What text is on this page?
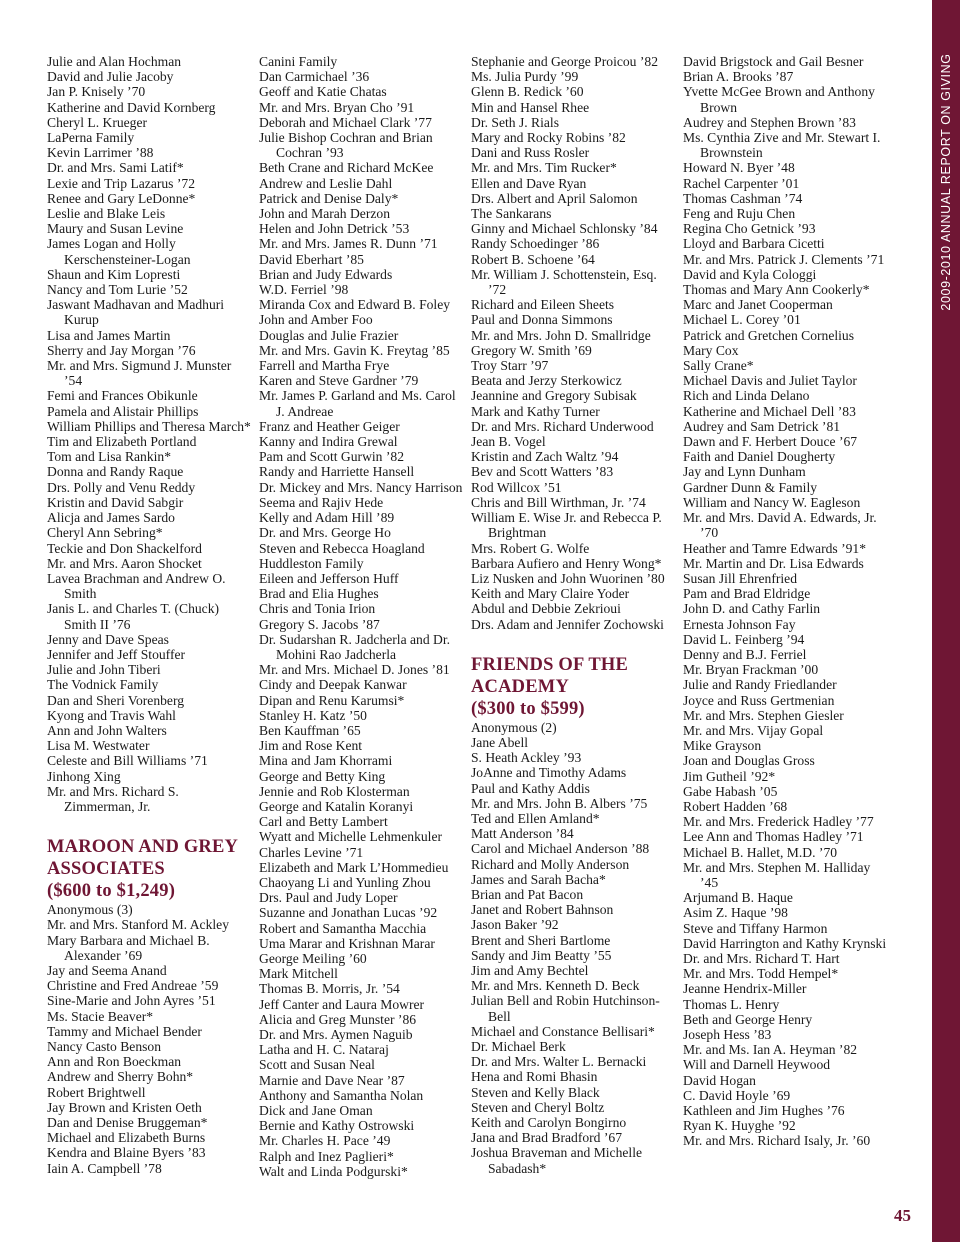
2009-2010 ANNUAL REPORT ON GIVING
Julie and Alan Hochman
David and Julie Jacoby
Jan P. Knisely ’70
Katherine and David Kornberg
Cheryl L. Krueger
LaPerna Family
Kevin Larrimer ’88
Dr. and Mrs. Sami Latif*
Lexie and Trip Lazarus ’72
Renee and Gary LeDonne*
Leslie and Blake Leis
Maury and Susan Levine
James Logan and Holly Kerschensteiner-Logan
Shaun and Kim Lopresti
Nancy and Tom Lurie ’52
Jaswant Madhavan and Madhuri Kurup
Lisa and James Martin
Sherry and Jay Morgan ’76
Mr. and Mrs. Sigmund J. Munster ’54
Femi and Frances Obikunle
Pamela and Alistair Phillips
William Phillips and Theresa March*
Tim and Elizabeth Portland
Tom and Lisa Rankin*
Donna and Randy Raque
Drs. Polly and Venu Reddy
Kristin and David Sabgir
Alicja and James Sardo
Cheryl Ann Sebring*
Teckie and Don Shackelford
Mr. and Mrs. Aaron Shocket
Lavea Brachman and Andrew O. Smith
Janis L. and Charles T. (Chuck) Smith II ’76
Jenny and Dave Speas
Jennifer and Jeff Stouffer
Julie and John Tiberi
The Vodnick Family
Dan and Sheri Vorenberg
Kyong and Travis Wahl
Ann and John Walters
Lisa M. Westwater
Celeste and Bill Williams ’71
Jinhong Xing
Mr. and Mrs. Richard S. Zimmerman, Jr.
MAROON AND GREY
ASSOCIATES
($600 to $1,249)
Anonymous (3)
Mr. and Mrs. Stanford M. Ackley
Mary Barbara and Michael B. Alexander ’69
Jay and Seema Anand
Christine and Fred Andreae ’59
Sine-Marie and John Ayres ’51
Ms. Stacie Beaver*
Tammy and Michael Bender
Nancy Casto Benson
Ann and Ron Boeckman
Andrew and Sherry Bohn*
Robert Brightwell
Jay Brown and Kristen Oeth
Dan and Denise Bruggeman*
Michael and Elizabeth Burns
Kendra and Blaine Byers ’83
Iain A. Campbell ’78
Canini Family
Dan Carmichael ’36
Geoff and Katie Chatas
Mr. and Mrs. Bryan Cho ’91
Deborah and Michael Clark ’77
Julie Bishop Cochran and Brian Cochran ’93
Beth Crane and Richard McKee
Andrew and Leslie Dahl
Patrick and Denise Daly*
John and Marah Derzon
Helen and John Detrick ’53
Mr. and Mrs. James R. Dunn ’71
David Eberhart ’85
Brian and Judy Edwards
W.D. Ferriel ’98
Miranda Cox and Edward B. Foley
John and Amber Foo
Douglas and Julie Frazier
Mr. and Mrs. Gavin K. Freytag ’85
Farrell and Martha Frye
Karen and Steve Gardner ’79
Mr. James P. Garland and Ms. Carol J. Andreae
Franz and Heather Geiger
Kanny and Indira Grewal
Pam and Scott Gurwin ’82
Randy and Harriette Hansell
Dr. Mickey and Mrs. Nancy Harrison
Seema and Rajiv Hede
Kelly and Adam Hill ’89
Dr. and Mrs. George Ho
Steven and Rebecca Hoagland
Huddleston Family
Eileen and Jefferson Huff
Brad and Elia Hughes
Chris and Tonia Irion
Gregory S. Jacobs ’87
Dr. Sudarshan R. Jadcherla and Dr. Mohini Rao Jadcherla
Mr. and Mrs. Michael D. Jones ’81
Cindy and Deepak Kanwar
Dipan and Renu Karumsi*
Stanley H. Katz ’50
Ben Kauffman ’65
Jim and Rose Kent
Mina and Jam Khorrami
George and Betty King
Jennie and Rob Klosterman
George and Katalin Koranyi
Carl and Betty Lambert
Wyatt and Michelle Lehmenkuler
Charles Levine ’71
Elizabeth and Mark L’Hommedieu
Chaoyang Li and Yunling Zhou
Drs. Paul and Judy Loper
Suzanne and Jonathan Lucas ’92
Robert and Samantha Macchia
Uma Marar and Krishnan Marar
George Meiling ’60
Mark Mitchell
Thomas B. Morris, Jr. ’54
Jeff Canter and Laura Mowrer
Alicia and Greg Munster ’86
Dr. and Mrs. Aymen Naguib
Latha and H. C. Nataraj
Scott and Susan Neal
Marnie and Dave Near ’87
Anthony and Samantha Nolan
Dick and Jane Oman
Bernie and Kathy Ostrowski
Mr. Charles H. Pace ’49
Ralph and Inez Paglieri*
Walt and Linda Podgurski*
Stephanie and George Proicou ’82
Ms. Julia Purdy ’99
Glenn B. Redick ’60
Min and Hansel Rhee
Dr. Seth J. Rials
Mary and Rocky Robins ’82
Dani and Russ Rosler
Mr. and Mrs. Tim Rucker*
Ellen and Dave Ryan
Drs. Albert and April Salomon
The Sankarans
Ginny and Michael Schlonsky ’84
Randy Schoedinger ’86
Robert B. Schoene ’64
Mr. William J. Schottenstein, Esq. ’72
Richard and Eileen Sheets
Paul and Donna Simmons
Mr. and Mrs. John D. Smallridge
Gregory W. Smith ’69
Troy Starr ’97
Beata and Jerzy Sterkowicz
Jeannine and Gregory Subisak
Mark and Kathy Turner
Dr. and Mrs. Richard Underwood
Jean B. Vogel
Kristin and Zach Waltz ’94
Bev and Scott Watters ’83
Rod Willcox ’51
Chris and Bill Wirthman, Jr. ’74
William E. Wise Jr. and Rebecca P. Brightman
Mrs. Robert G. Wolfe
Barbara Aufiero and Henry Wong*
Liz Nusken and John Wuorinen ’80
Keith and Mary Claire Yoder
Abdul and Debbie Zekrioui
Drs. Adam and Jennifer Zochowski
FRIENDS OF THE
ACADEMY
($300 to $599)
Anonymous (2)
Jane Abell
S. Heath Ackley ’93
JoAnne and Timothy Adams
Paul and Kathy Addis
Mr. and Mrs. John B. Albers ’75
Ted and Ellen Amland*
Matt Anderson ’84
Carol and Michael Anderson ’88
Richard and Molly Anderson
James and Sarah Bacha*
Brian and Pat Bacon
Janet and Robert Bahnson
Jason Baker ’92
Brent and Sheri Bartlome
Sandy and Jim Beatty ’55
Jim and Amy Bechtel
Mr. and Mrs. Kenneth D. Beck
Julian Bell and Robin Hutchinson-Bell
Michael and Constance Bellisari*
Dr. Michael Berk
Dr. and Mrs. Walter L. Bernacki
Hena and Romi Bhasin
Steven and Kelly Black
Steven and Cheryl Boltz
Keith and Carolyn Bongirno
Jana and Brad Bradford ’67
Joshua Braveman and Michelle Sabadash*
David Brigstock and Gail Besner
Brian A. Brooks ’87
Yvette McGee Brown and Anthony Brown
Audrey and Stephen Brown ’83
Ms. Cynthia Zive and Mr. Stewart I. Brownstein
Howard N. Byer ’48
Rachel Carpenter ’01
Thomas Cashman ’74
Feng and Ruju Chen
Regina Cho Getnick ’93
Lloyd and Barbara Cicetti
Mr. and Mrs. Patrick J. Clements ’71
David and Kyla Cologgi
Thomas and Mary Ann Cookerly*
Marc and Janet Cooperman
Michael L. Corey ’01
Patrick and Gretchen Cornelius
Mary Cox
Sally Crane*
Michael Davis and Juliet Taylor
Rich and Linda Delano
Katherine and Michael Dell ’83
Audrey and Sam Detrick ’81
Dawn and F. Herbert Douce ’67
Faith and Daniel Dougherty
Jay and Lynn Dunham
Gardner Dunn & Family
William and Nancy W. Eagleson
Mr. and Mrs. David A. Edwards, Jr. ’70
Heather and Tamre Edwards ’91*
Mr. Martin and Dr. Lisa Edwards
Susan Jill Ehrenfried
Pam and Brad Eldridge
John D. and Cathy Farlin
Ernesta Johnson Fay
David L. Feinberg ’94
Denny and B.J. Ferriel
Mr. Bryan Frackman ’00
Julie and Randy Friedlander
Joyce and Russ Gertmenian
Mr. and Mrs. Stephen Giesler
Mr. and Mrs. Vijay Gopal
Mike Grayson
Joan and Douglas Gross
Jim Gutheil ’92*
Gabe Habash ’05
Robert Hadden ’68
Mr. and Mrs. Frederick Hadley ’77
Lee Ann and Thomas Hadley ’71
Michael B. Hallet, M.D. ’70
Mr. and Mrs. Stephen M. Halliday ’45
Arjumand B. Haque
Asim Z. Haque ’98
Steve and Tiffany Harmon
David Harrington and Kathy Krynski
Dr. and Mrs. Richard T. Hart
Mr. and Mrs. Todd Hempel*
Jeanne Hendrix-Miller
Thomas L. Henry
Beth and George Henry
Joseph Hess ’83
Mr. and Ms. Ian A. Heyman ’82
Will and Darnell Heywood
David Hogan
C. David Hoyle ’69
Kathleen and Jim Hughes ’76
Ryan K. Huyghe ’92
Mr. and Mrs. Richard Isaly, Jr. ’60
45
